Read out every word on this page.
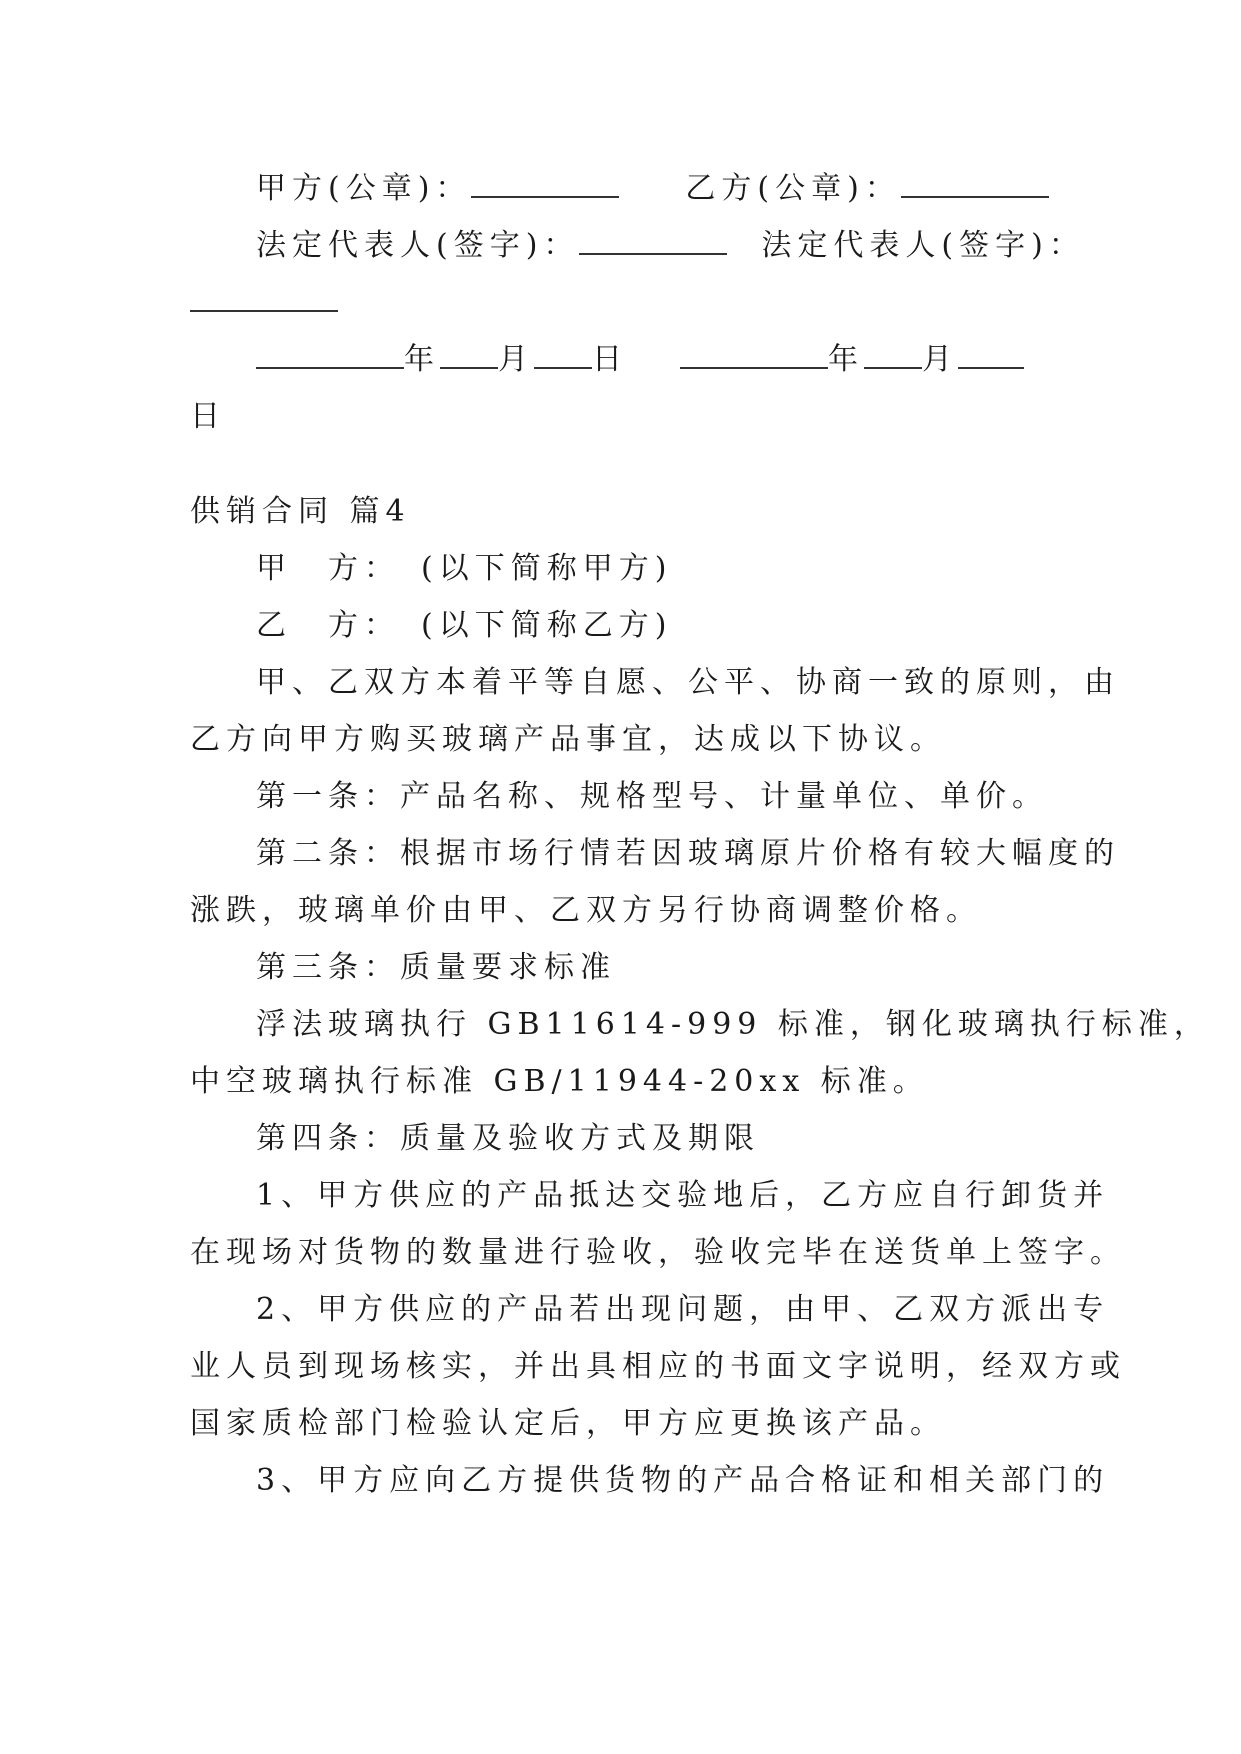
甲方(公章)：	乙方(公章)：
法定代表人(签字)：	法定代表人(签字)：
年 月 日	年 月
日
供销合同 篇4
甲　方：　(以下简称甲方)
乙　方：　(以下简称乙方)
甲、乙双方本着平等自愿、公平、协商一致的原则，由
乙方向甲方购买玻璃产品事宜，达成以下协议。
第一条：产品名称、规格型号、计量单位、单价。
第二条：根据市场行情若因玻璃原片价格有较大幅度的
涨跌，玻璃单价由甲、乙双方另行协商调整价格。
第三条：质量要求标准
浮法玻璃执行 GB11614-999 标准，钢化玻璃执行标准，
中空玻璃执行标准 GB/11944-20xx 标准。
第四条：质量及验收方式及期限
1、甲方供应的产品抵达交验地后，乙方应自行卸货并
在现场对货物的数量进行验收，验收完毕在送货单上签字。
2、甲方供应的产品若出现问题，由甲、乙双方派出专
业人员到现场核实，并出具相应的书面文字说明，经双方或
国家质检部门检验认定后，甲方应更换该产品。
3、甲方应向乙方提供货物的产品合格证和相关部门的
